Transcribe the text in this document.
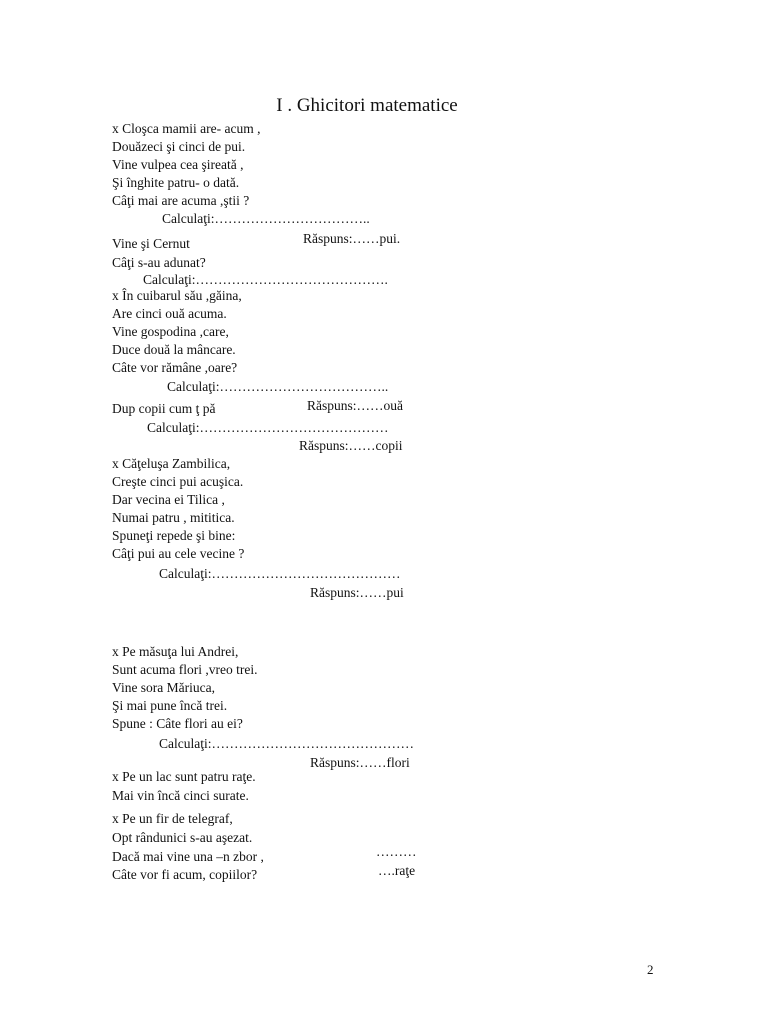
I . Ghicitori matematice
x Cloşca mamii are- acum ,
Douăzeci şi cinci de pui.
Vine vulpea cea şireată ,
Şi înghite patru- o dată.
Câţi mai are acuma ,ştii ?
Calculaţi:……………………………..
Răspuns:……pui.
Vine şi Cernut
Câţi s-au adunat?
Calculaţi:…………………………………….
x În cuibarul său ,găina,
Are cinci ouă acuma.
Vine gospodina ,care,
Duce două la mâncare.
Câte vor rămâne ,oare?
Calculaţi:………………………………..
Răspuns:……ouă
Dup copii cum ţ pă
Calculaţi:……………………………………
Răspuns:……copii
x Căţeluşa Zambilica,
Creşte cinci pui acuşica.
Dar vecina ei Tilica ,
Numai patru , mititica.
Spuneţi repede şi bine:
Câţi pui au cele vecine ?
Calculaţi:……………………………………
Răspuns:……pui
x Pe măsuţa lui Andrei,
Sunt acuma flori ,vreo trei.
Vine sora Măriuca,
Şi mai pune încă trei.
Spune : Câte flori au ei?
Calculaţi:………………………………………
Răspuns:……flori
x Pe un lac sunt patru raţe.
Mai vin încă cinci surate.
x Pe un fir de telegraf,
Opt rândunici s-au aşezat.
Dacă mai vine una –n zbor ,
Câte vor fi acum, copiilor?
………
….raţe
2
